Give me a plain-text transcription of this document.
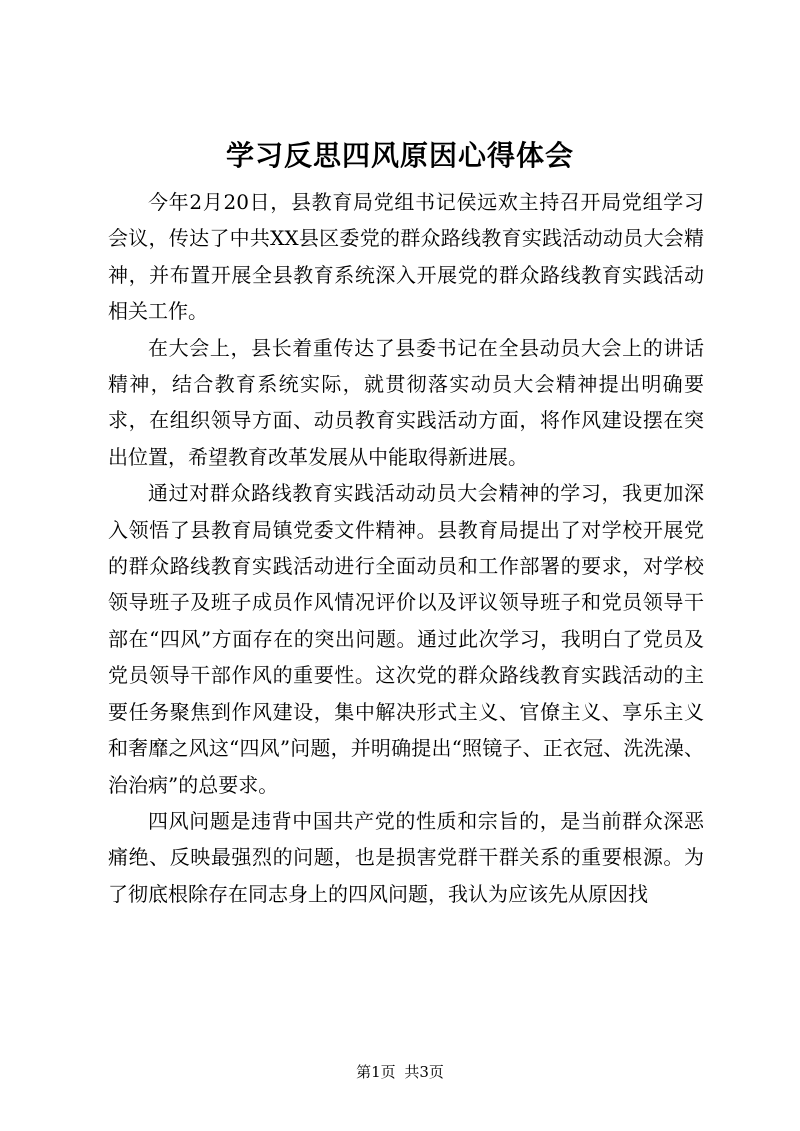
学习反思四风原因心得体会

今年2月20日，县教育局党组书记侯远欢主持召开局党组学习会议，传达了中共XX县区委党的群众路线教育实践活动动员大会精神，并布置开展全县教育系统深入开展党的群众路线教育实践活动相关工作。

在大会上，县长着重传达了县委书记在全县动员大会上的讲话精神，结合教育系统实际，就贯彻落实动员大会精神提出明确要求，在组织领导方面、动员教育实践活动方面，将作风建设摆在突出位置，希望教育改革发展从中能取得新进展。

通过对群众路线教育实践活动动员大会精神的学习，我更加深入领悟了县教育局镇党委文件精神。县教育局提出了对学校开展党的群众路线教育实践活动进行全面动员和工作部署的要求，对学校领导班子及班子成员作风情况评价以及评议领导班子和党员领导干部在“四风”方面存在的突出问题。通过此次学习，我明白了党员及党员领导干部作风的重要性。这次党的群众路线教育实践活动的主要任务聚焦到作风建设，集中解决形式主义、官僚主义、享乐主义和奢靡之风这“四风”问题，并明确提出“照镜子、正衣冠、洗洗澡、治治病”的总要求。

四风问题是违背中国共产党的性质和宗旨的，是当前群众深恶痛绝、反映最强烈的问题，也是损害党群干群关系的重要根源。为了彻底根除存在同志身上的四风问题，我认为应该先从原因找

第1页 共3页
